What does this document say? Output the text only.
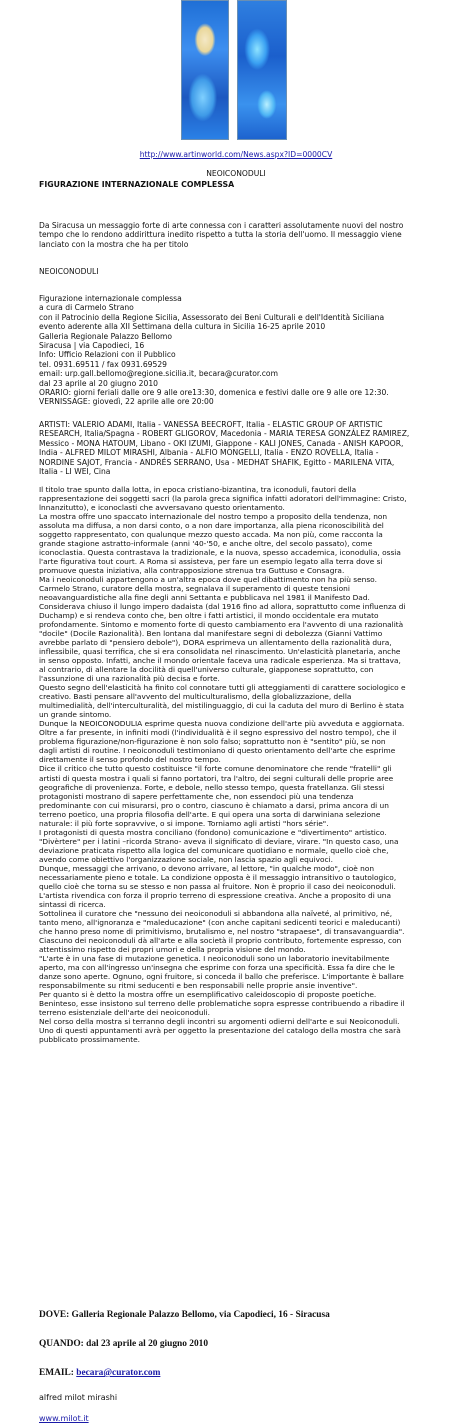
http://www.artinworld.com/News.aspx?ID=0000CV
NEOICONODULI
FIGURAZIONE INTERNAZIONALE COMPLESSA

Da Siracusa un messaggio forte di arte connessa con i caratteri assolutamente nuovi del nostro
tempo che lo rendono addirittura inedito rispetto a tutta la storia dell'uomo. Il messaggio viene
lanciato con la mostra che ha per titolo

NEOICONODULI

Figurazione internazionale complessa
a cura di Carmelo Strano
con il Patrocinio della Regione Sicilia, Assessorato dei Beni Culturali e dell'Identità Siciliana
evento aderente alla XII Settimana della cultura in Sicilia 16-25 aprile 2010
Galleria Regionale Palazzo Bellomo
Siracusa | via Capodieci, 16
Info: Ufficio Relazioni con il Pubblico
tel. 0931.69511 / fax 0931.69529
email: urp.gall.bellomo@regione.sicilia.it, becara@curator.com
dal 23 aprile al 20 giugno 2010
ORARIO: giorni feriali dalle ore 9 alle ore13:30, domenica e festivi dalle ore 9 alle ore 12:30.
VERNISSAGE: giovedì, 22 aprile alle ore 20:00

ARTISTI: VALERIO ADAMI, Italia - VANESSA BEECROFT, Italia - ELASTIC GROUP OF ARTISTIC
RESEARCH, Italia/Spagna - ROBERT GLIGOROV, Macedonia - MARIA TERESA GONZÁLEZ RAMIREZ,
Messico - MONA HATOUM, Libano - OKI IZUMI, Giappone - KALI JONES, Canada - ANISH KAPOOR,
India - ALFRED MILOT MIRASHI, Albania - ALFIO MONGELLI, Italia - ENZO ROVELLA, Italia -
NORDINE SAJOT, Francia - ANDRÉS SERRANO, Usa - MEDHAT SHAFIK, Egitto - MARILENA VITA,
Italia - LI WEI, Cina

Il titolo trae spunto dalla lotta, in epoca cristiano-bizantina, tra iconoduli, fautori della
rappresentazione dei soggetti sacri (la parola greca significa infatti adoratori dell'immagine: Cristo,
lnnanzitutto), e iconoclasti che avversavano questo orientamento.
La mostra offre uno spaccato internazionale del nostro tempo a proposito della tendenza, non
assoluta ma diffusa, a non darsi conto, o a non dare importanza, alla piena riconoscibilità del
soggetto rappresentato, con qualunque mezzo questo accada. Ma non più, come racconta la
grande stagione astratto-informale (anni '40-'50, e anche oltre, del secolo passato), come
iconoclastia. Questa contrastava la tradizionale, e la nuova, spesso accademica, iconodulia, ossia
l'arte figurativa tout court. A Roma si assisteva, per fare un esempio legato alla terra dove si
promuove questa iniziativa, alla contrapposizione strenua tra Guttuso e Consagra.
Ma i neoiconoduli appartengono a un'altra epoca dove quel dibattimento non ha più senso.
Carmelo Strano, curatore della mostra, segnalava il superamento di queste tensioni
neoavanguardistiche alla fine degli anni Settanta e pubblicava nel 1981 il Manifesto Dad.
Considerava chiuso il lungo impero dadaista (dal 1916 fino ad allora, soprattutto come influenza di
Duchamp) e si rendeva conto che, ben oltre i fatti artistici, il mondo occidentale era mutato
profondamente. Sintomo e momento forte di questo cambiamento era l'avvento di una razionalità
"docile" (Docile Razionalità). Ben lontana dal manifestare segni di debolezza (Gianni Vattimo
avrebbe parlato di "pensiero debole"), DORA esprimeva un allentamento della razionalità dura,
inflessibile, quasi terrifica, che si era consolidata nel rinascimento. Un'elasticità planetaria, anche
in senso opposto. Infatti, anche il mondo orientale faceva una radicale esperienza. Ma si trattava,
al contrario, di allentare la docilità di quell'universo culturale, giapponese soprattutto, con
l'assunzione di una razionalità più decisa e forte.
Questo segno dell'elasticità ha finito col connotare tutti gli atteggiamenti di carattere sociologico e
creativo. Basti pensare all'avvento del multiculturalismo, della globalizzazione, della
multimedialità, dell'interculturalità, del mistilinguaggio, di cui la caduta del muro di Berlino è stata
un grande sintomo.
Dunque la NEOICONODULIA esprime questa nuova condizione dell'arte più avveduta e aggiornata.
Oltre a far presente, in infiniti modi (l'individualità è il segno espressivo del nostro tempo), che il
problema figurazione/non-figurazione è non solo falso; soprattutto non è "sentito" più, se non
dagli artisti di routine. I neoiconoduli testimoniano di questo orientamento dell'arte che esprime
direttamente il senso profondo del nostro tempo.
Dice il critico che tutto questo costituisce "il forte comune denominatore che rende "fratelli" gli
artisti di questa mostra i quali si fanno portatori, tra l'altro, dei segni culturali delle proprie aree
geografiche di provenienza. Forte, e debole, nello stesso tempo, questa fratellanza. Gli stessi
protagonisti mostrano di sapere perfettamente che, non essendoci più una tendenza
predominante con cui misurarsi, pro o contro, ciascuno è chiamato a darsi, prima ancora di un
terreno poetico, una propria filosofia dell'arte. E qui opera una sorta di darwiniana selezione
naturale: il più forte sopravvive, o si impone. Torniamo agli artisti "hors série".
I protagonisti di questa mostra conciliano (fondono) comunicazione e "divertimento" artistico.
"Divèrtere" per i latini –ricorda Strano- aveva il significato di deviare, virare. "In questo caso, una
deviazione praticata rispetto alla logica del comunicare quotidiano e normale, quello cioè che,
avendo come obiettivo l'organizzazione sociale, non lascia spazio agli equivoci.
Dunque, messaggi che arrivano, o devono arrivare, al lettore, "in qualche modo", cioè non
necessariamente pieno e totale. La condizione opposta è il messaggio intransitivo o tautologico,
quello cioè che torna su se stesso e non passa al fruitore. Non è proprio il caso dei neoiconoduli.
L'artista rivendica con forza il proprio terreno di espressione creativa. Anche a proposito di una
sintassi di ricerca.
Sottolinea il curatore che "nessuno dei neoiconoduli si abbandona alla naïveté, al primitivo, né,
tanto meno, all'ignoranza e "maleducazione" (con anche capitani sedicenti teorici e maleducanti)
che hanno preso nome di primitivismo, brutalismo e, nel nostro "strapaese", di transavanguardia".
Ciascuno dei neoiconoduli dà all'arte e alla società il proprio contributo, fortemente espresso, con
attentissimo rispetto dei propri umori e della propria visione del mondo.
"L'arte è in una fase di mutazione genetica. I neoiconoduli sono un laboratorio inevitabilmente
aperto, ma con all'ingresso un'insegna che esprime con forza una specificità. Essa fa dire che le
danze sono aperte. Ognuno, ogni fruitore, si conceda il ballo che preferisce. L'importante è ballare
responsabilmente su ritmi seducenti e ben responsabili nelle proprie ansie inventive".
Per quanto si è detto la mostra offre un esemplificativo caleidoscopio di proposte poetiche.
Beninteso, esse insistono sul terreno delle problematiche sopra espresse contribuendo a ribadire il
terreno esistenziale dell'arte dei neoiconoduli.
Nel corso della mostra si terranno degli incontri su argomenti odierni dell'arte e sui Neoiconoduli.
Uno di questi appuntamenti avrà per oggetto la presentazione del catalogo della mostra che sarà
pubblicato prossimamente.

DOVE: Galleria Regionale Palazzo Bellomo, via Capodieci, 16 - Siracusa
QUANDO: dal 23 aprile al 20 giugno 2010
EMAIL: becara@curator.com
alfred milot mirashi
www.milot.it
